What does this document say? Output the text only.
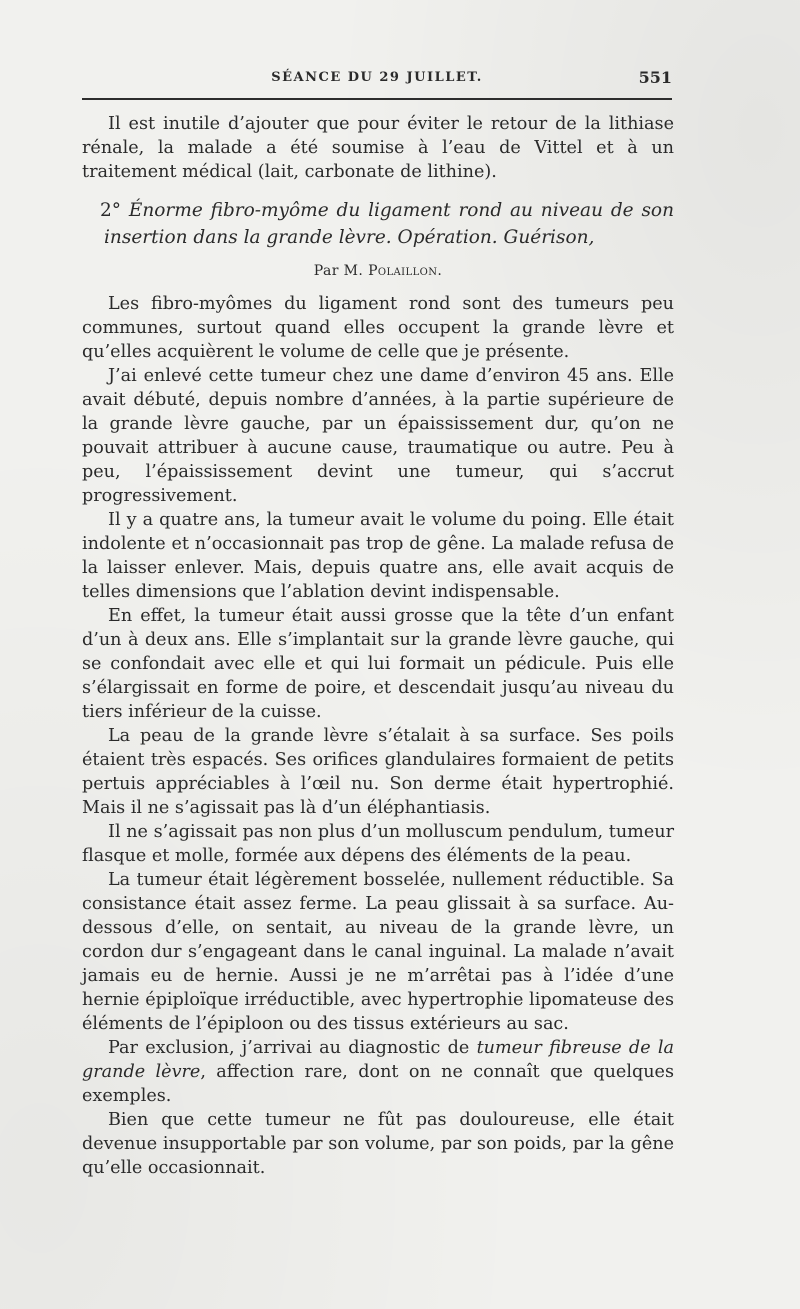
SÉANCE DU 29 JUILLET.	551

Il est inutile d’ajouter que pour éviter le retour de la lithiase rénale, la malade a été soumise à l’eau de Vittel et à un traitement médical (lait, carbonate de lithine).

2° Énorme fibro-myôme du ligament rond au niveau de son insertion dans la grande lèvre. Opération. Guérison,
Par M. Polaillon.

Les fibro-myômes du ligament rond sont des tumeurs peu communes, surtout quand elles occupent la grande lèvre et qu’elles acquièrent le volume de celle que je présente.

J’ai enlevé cette tumeur chez une dame d’environ 45 ans. Elle avait débuté, depuis nombre d’années, à la partie supérieure de la grande lèvre gauche, par un épaississement dur, qu’on ne pouvait attribuer à aucune cause, traumatique ou autre. Peu à peu, l’épaississement devint une tumeur, qui s’accrut progressivement.

Il y a quatre ans, la tumeur avait le volume du poing. Elle était indolente et n’occasionnait pas trop de gêne. La malade refusa de la laisser enlever. Mais, depuis quatre ans, elle avait acquis de telles dimensions que l’ablation devint indispensable.

En effet, la tumeur était aussi grosse que la tête d’un enfant d’un à deux ans. Elle s’implantait sur la grande lèvre gauche, qui se confondait avec elle et qui lui formait un pédicule. Puis elle s’élargissait en forme de poire, et descendait jusqu’au niveau du tiers inférieur de la cuisse.

La peau de la grande lèvre s’étalait à sa surface. Ses poils étaient très espacés. Ses orifices glandulaires formaient de petits pertuis appréciables à l’œil nu. Son derme était hypertrophié. Mais il ne s’agissait pas là d’un éléphantiasis.

Il ne s’agissait pas non plus d’un molluscum pendulum, tumeur flasque et molle, formée aux dépens des éléments de la peau.

La tumeur était légèrement bosselée, nullement réductible. Sa consistance était assez ferme. La peau glissait à sa surface. Au-dessous d’elle, on sentait, au niveau de la grande lèvre, un cordon dur s’engageant dans le canal inguinal. La malade n’avait jamais eu de hernie. Aussi je ne m’arrêtai pas à l’idée d’une hernie épiploïque irréductible, avec hypertrophie lipomateuse des éléments de l’épiploon ou des tissus extérieurs au sac.

Par exclusion, j’arrivai au diagnostic de tumeur fibreuse de la grande lèvre, affection rare, dont on ne connaît que quelques exemples.

Bien que cette tumeur ne fût pas douloureuse, elle était devenue insupportable par son volume, par son poids, par la gêne qu’elle occasionnait.
